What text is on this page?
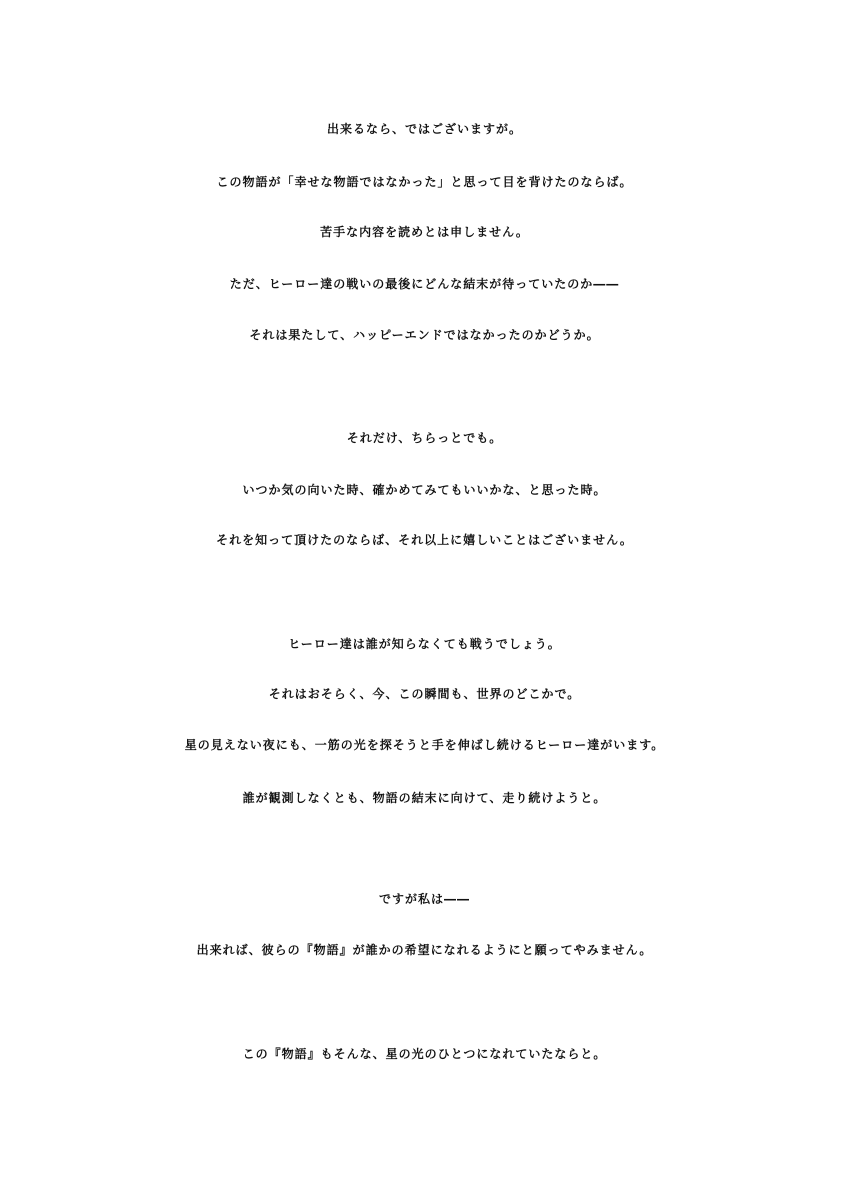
出来るなら、ではございますが。
この物語が「幸せな物語ではなかった」と思って目を背けたのならば。
苦手な内容を読めとは申しません。
ただ、ヒーロー達の戦いの最後にどんな結末が待っていたのか――
それは果たして、ハッピーエンドではなかったのかどうか。
それだけ、ちらっとでも。
いつか気の向いた時、確かめてみてもいいかな、と思った時。
それを知って頂けたのならば、それ以上に嬉しいことはございません。
ヒーロー達は誰が知らなくても戦うでしょう。
それはおそらく、今、この瞬間も、世界のどこかで。
星の見えない夜にも、一筋の光を探そうと手を伸ばし続けるヒーロー達がいます。
誰が観測しなくとも、物語の結末に向けて、走り続けようと。
ですが私は――
出来れば、彼らの『物語』が誰かの希望になれるようにと願ってやみません。
この『物語』もそんな、星の光のひとつになれていたならと。
